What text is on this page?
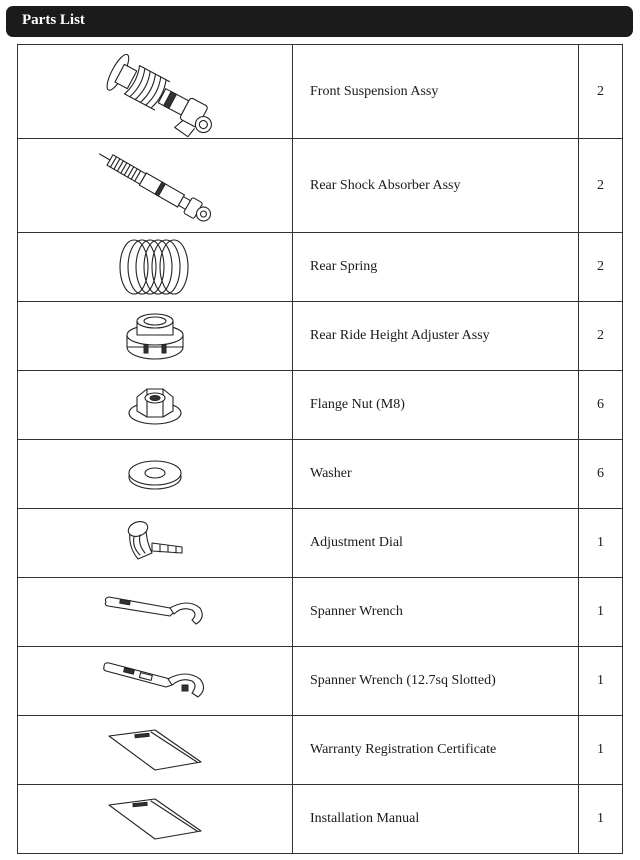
Parts List
	Front Suspension Assy	2

	Rear Shock Absorber Assy	2

	Rear Spring	2

	Rear Ride Height Adjuster Assy	2

	Flange Nut (M8)	6

	Washer	6

	Adjustment Dial	1

	Spanner Wrench	1

	Spanner Wrench (12.7sq Slotted)	1

	Warranty Registration Certificate	1

	Installation Manual	1
